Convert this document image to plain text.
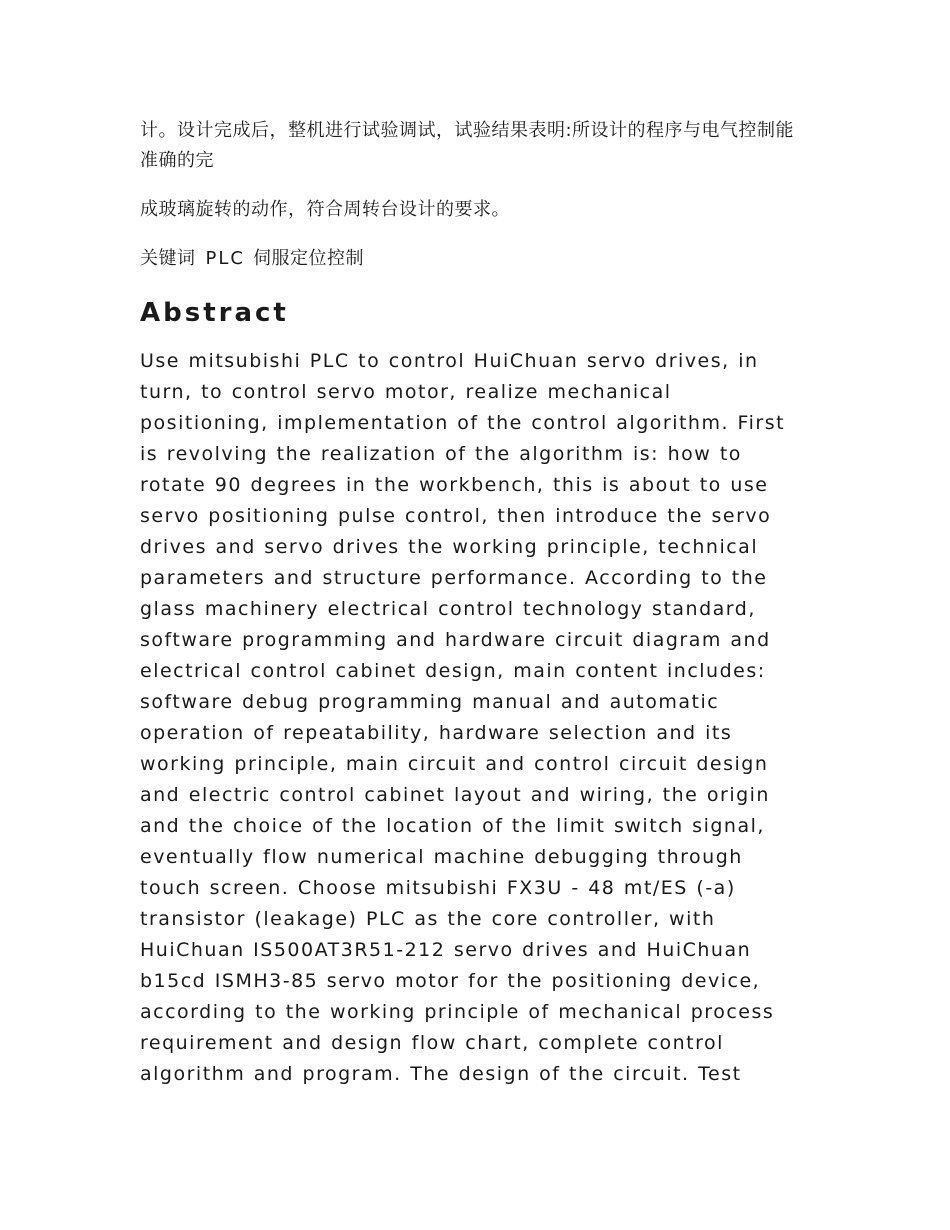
计。设计完成后，整机进行试验调试，试验结果表明:所设计的程序与电气控制能准确的完

成玻璃旋转的动作，符合周转台设计的要求。

关键词 PLC 伺服定位控制
Abstract
Use mitsubishi PLC to control HuiChuan servo drives, in
turn, to control servo motor, realize mechanical
positioning, implementation of the control algorithm. First
is revolving the realization of the algorithm is: how to
rotate 90 degrees in the workbench, this is about to use
servo positioning pulse control, then introduce the servo
drives and servo drives the working principle, technical
parameters and structure performance. According to the
glass machinery electrical control technology standard,
software programming and hardware circuit diagram and
electrical control cabinet design, main content includes:
software debug programming manual and automatic
operation of repeatability, hardware selection and its
working principle, main circuit and control circuit design
and electric control cabinet layout and wiring, the origin
and the choice of the location of the limit switch signal,
eventually flow numerical machine debugging through
touch screen. Choose mitsubishi FX3U - 48 mt/ES (-a)
transistor (leakage) PLC as the core controller, with
HuiChuan IS500AT3R51-212 servo drives and HuiChuan
b15cd ISMH3-85 servo motor for the positioning device,
according to the working principle of mechanical process
requirement and design flow chart, complete control
algorithm and program. The design of the circuit. Test
